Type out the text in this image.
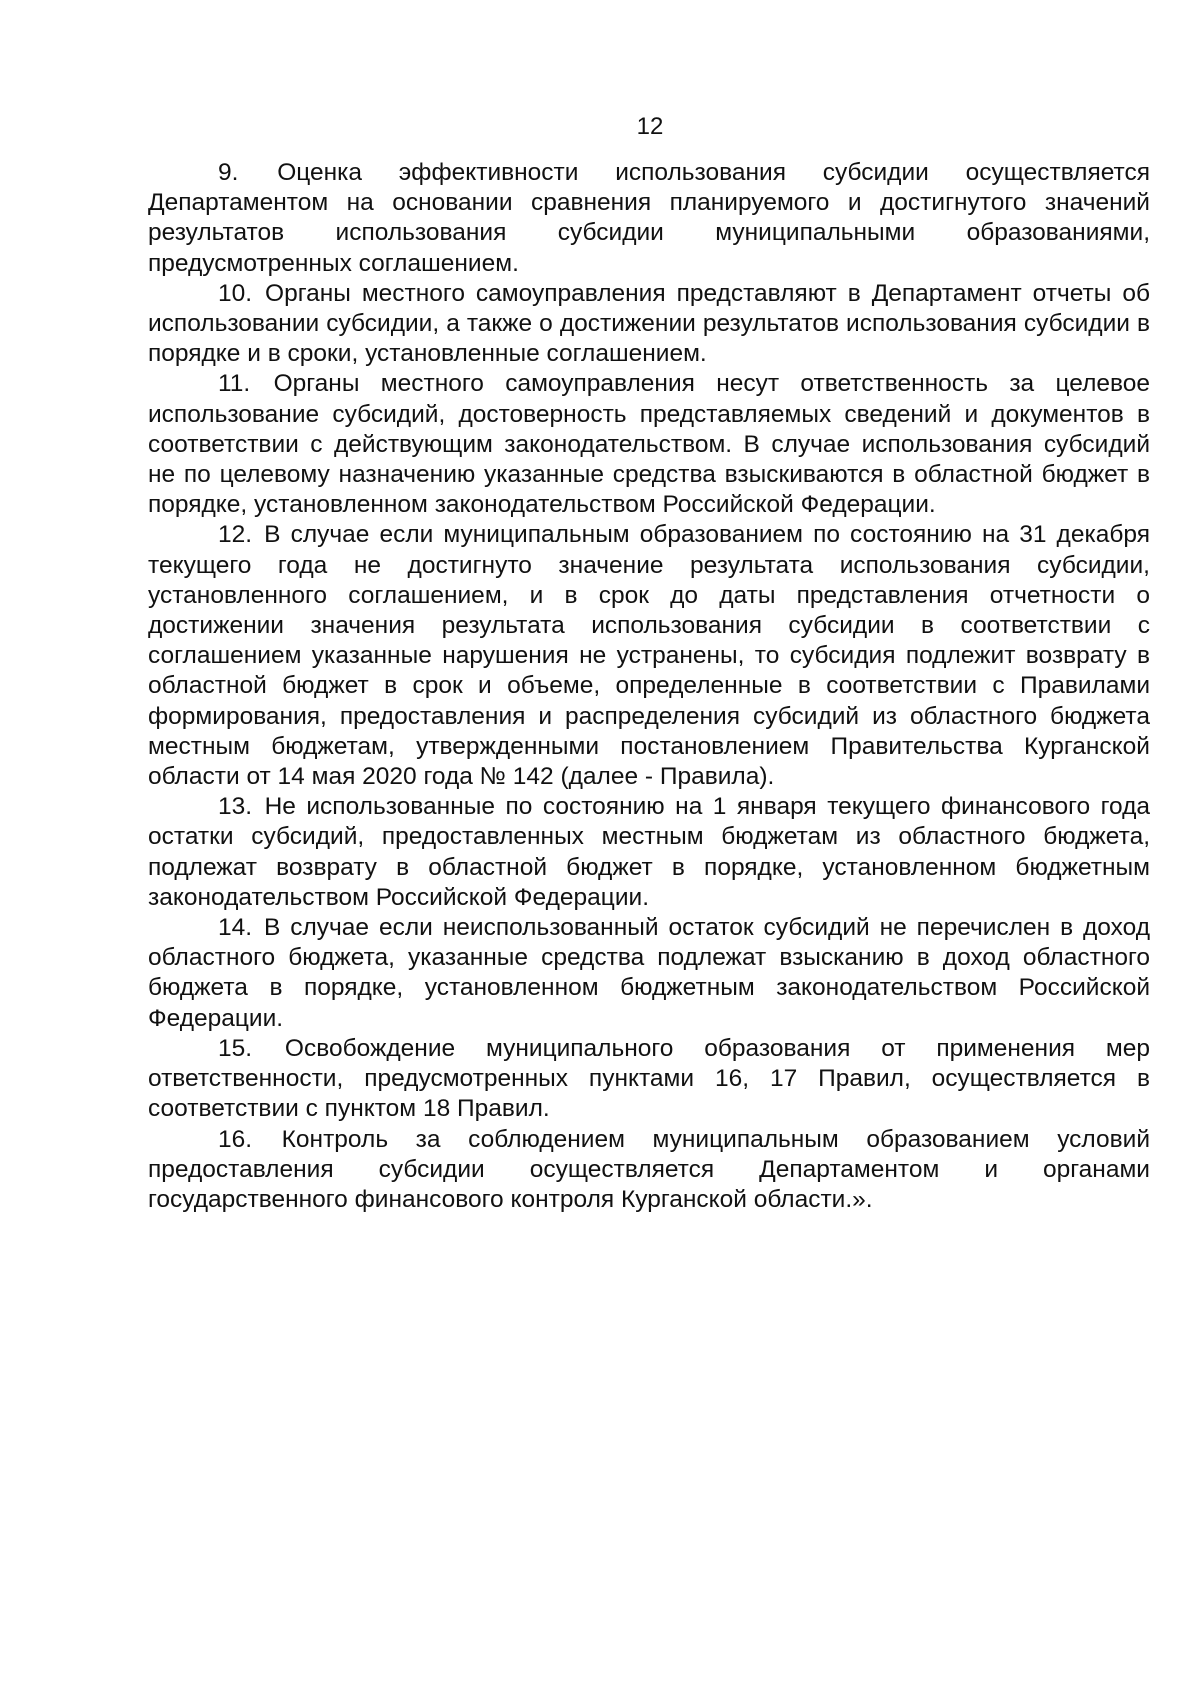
12

9. Оценка эффективности использования субсидии осуществляется Департаментом на основании сравнения планируемого и достигнутого значений результатов использования субсидии муниципальными образованиями, предусмотренных соглашением.

10. Органы местного самоуправления представляют в Департамент отчеты об использовании субсидии, а также о достижении результатов использования субсидии в порядке и в сроки, установленные соглашением.

11. Органы местного самоуправления несут ответственность за целевое использование субсидий, достоверность представляемых сведений и документов в соответствии с действующим законодательством. В случае использования субсидий не по целевому назначению указанные средства взыскиваются в областной бюджет в порядке, установленном законодательством Российской Федерации.

12. В случае если муниципальным образованием по состоянию на 31 декабря текущего года не достигнуто значение результата использования субсидии, установленного соглашением, и в срок до даты представления отчетности о достижении значения результата использования субсидии в соответствии с соглашением указанные нарушения не устранены, то субсидия подлежит возврату в областной бюджет в срок и объеме, определенные в соответствии с Правилами формирования, предоставления и распределения субсидий из областного бюджета местным бюджетам, утвержденными постановлением Правительства Курганской области от 14 мая 2020 года № 142 (далее - Правила).

13. Не использованные по состоянию на 1 января текущего финансового года остатки субсидий, предоставленных местным бюджетам из областного бюджета, подлежат возврату в областной бюджет в порядке, установленном бюджетным законодательством Российской Федерации.

14. В случае если неиспользованный остаток субсидий не перечислен в доход областного бюджета, указанные средства подлежат взысканию в доход областного бюджета в порядке, установленном бюджетным законодательством Российской Федерации.

15. Освобождение муниципального образования от применения мер ответственности, предусмотренных пунктами 16, 17 Правил, осуществляется в соответствии с пунктом 18 Правил.

16. Контроль за соблюдением муниципальным образованием условий предоставления субсидии осуществляется Департаментом и органами государственного финансового контроля Курганской области.».
